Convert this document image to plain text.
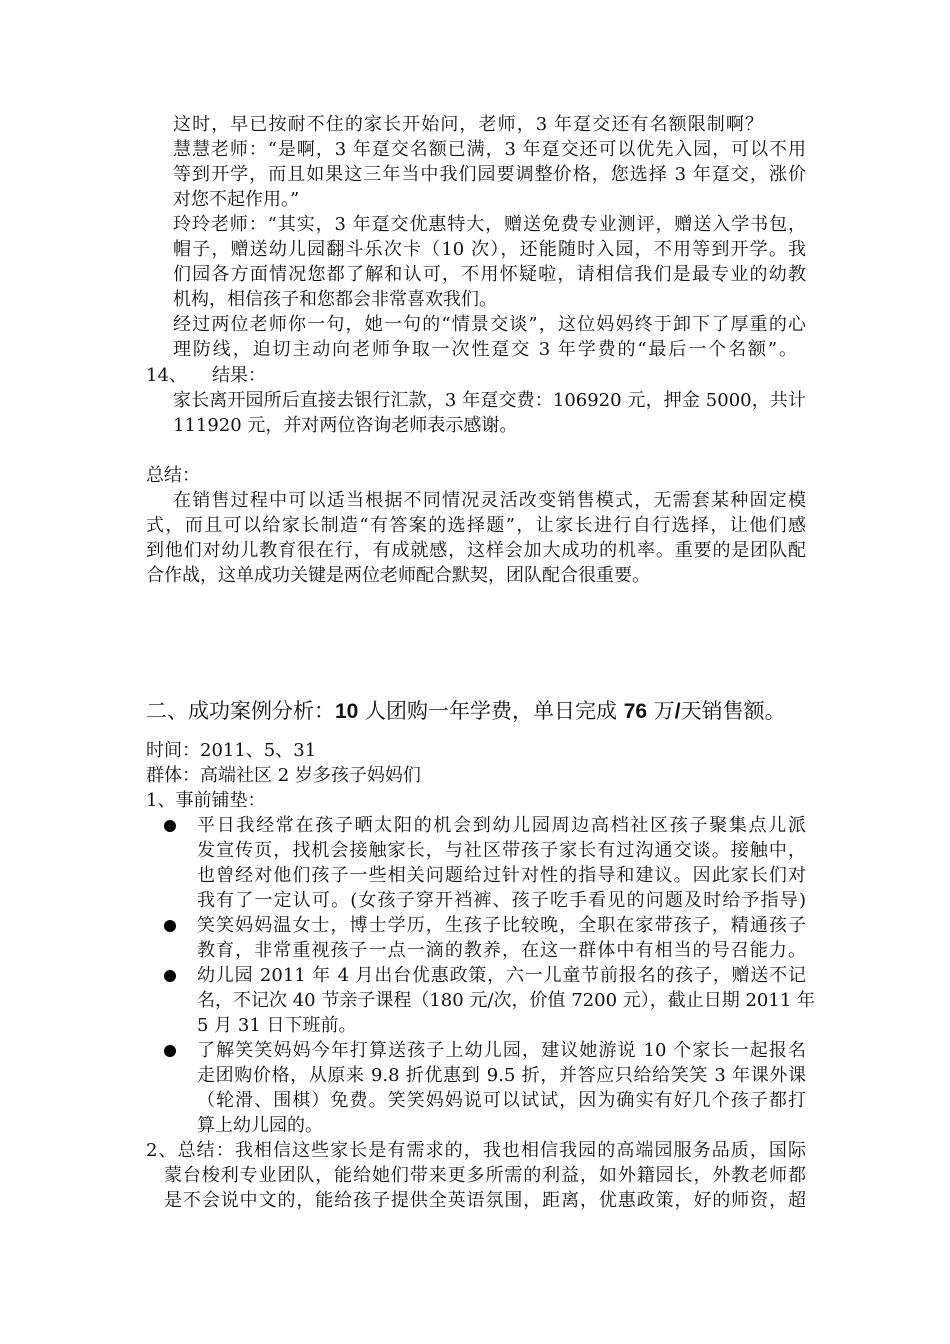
这时，早已按耐不住的家长开始问，老师，3 年趸交还有名额限制啊？
慧慧老师：“是啊，3 年趸交名额已满，3 年趸交还可以优先入园，可以不用
等到开学，而且如果这三年当中我们园要调整价格，您选择 3 年趸交，涨价
对您不起作用。”
玲玲老师：“其实，3 年趸交优惠特大，赠送免费专业测评，赠送入学书包，
帽子，赠送幼儿园翻斗乐次卡（10 次），还能随时入园，不用等到开学。我
们园各方面情况您都了解和认可，不用怀疑啦，请相信我们是最专业的幼教
机构，相信孩子和您都会非常喜欢我们。
经过两位老师你一句，她一句的“情景交谈”，这位妈妈终于卸下了厚重的心
理防线，迫切主动向老师争取一次性趸交 3 年学费的“最后一个名额”。
14、 结果：
家长离开园所后直接去银行汇款，3 年趸交费：106920 元，押金 5000，共计
111920 元，并对两位咨询老师表示感谢。
总结：
在销售过程中可以适当根据不同情况灵活改变销售模式，无需套某种固定模
式，而且可以给家长制造“有答案的选择题”，让家长进行自行选择，让他们感
到他们对幼儿教育很在行，有成就感，这样会加大成功的机率。重要的是团队配
合作战，这单成功关键是两位老师配合默契，团队配合很重要。
二、成功案例分析：10 人团购一年学费，单日完成 76 万/天销售额。
时间：2011、5、31
群体：高端社区 2 岁多孩子妈妈们
1、事前铺垫：
平日我经常在孩子晒太阳的机会到幼儿园周边高档社区孩子聚集点儿派
发宣传页，找机会接触家长，与社区带孩子家长有过沟通交谈。接触中，
也曾经对他们孩子一些相关问题给过针对性的指导和建议。因此家长们对
我有了一定认可。(女孩子穿开裆裤、孩子吃手看见的问题及时给予指导)
笑笑妈妈温女士，博士学历，生孩子比较晚，全职在家带孩子，精通孩子
教育，非常重视孩子一点一滴的教养，在这一群体中有相当的号召能力。
幼儿园 2011 年 4 月出台优惠政策，六一儿童节前报名的孩子，赠送不记
名，不记次 40 节亲子课程（180 元/次，价值 7200 元），截止日期 2011 年
5 月 31 日下班前。
了解笑笑妈妈今年打算送孩子上幼儿园，建议她游说 10 个家长一起报名
走团购价格，从原来 9.8 折优惠到 9.5 折，并答应只给给笑笑 3 年课外课
（轮滑、围棋）免费。笑笑妈妈说可以试试，因为确实有好几个孩子都打
算上幼儿园的。
2、总结：我相信这些家长是有需求的，我也相信我园的高端园服务品质，国际
蒙台梭利专业团队，能给她们带来更多所需的利益，如外籍园长，外教老师都
是不会说中文的，能给孩子提供全英语氛围，距离，优惠政策，好的师资，超
